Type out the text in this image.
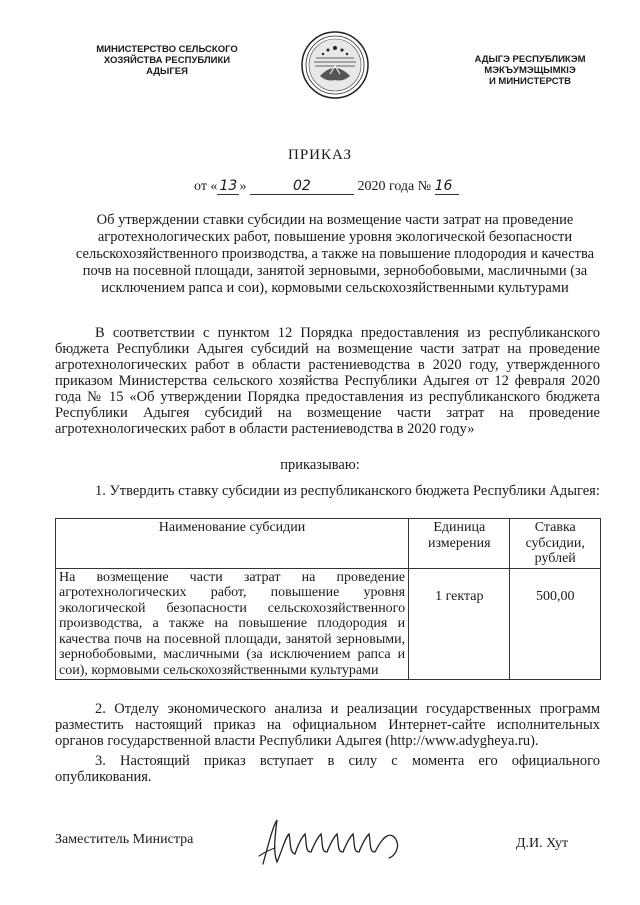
МИНИСТЕРСТВО СЕЛЬСКОГО
ХОЗЯЙСТВА РЕСПУБЛИКИ
АДЫГЕЯ
АДЫГЭ РЕСПУБЛИКЭМ
МЭКЪУМЭЩЫМКIЭ
И МИНИСТЕРСТВ
ПРИКАЗ
от « 13 »	02	2020 года № 16
Об утверждении ставки субсидии на возмещение части затрат на проведение агротехнологических работ, повышение уровня экологической безопасности сельскохозяйственного производства, а также на повышение плодородия и качества почв на посевной площади, занятой зерновыми, зернобобовыми, масличными (за исключением рапса и сои), кормовыми сельскохозяйственными культурами
В соответствии с пунктом 12 Порядка предоставления из республиканского бюджета Республики Адыгея субсидий на возмещение части затрат на проведение агротехнологических работ в области растениеводства в 2020 году, утвержденного приказом Министерства сельского хозяйства Республики Адыгея от 12 февраля 2020 года № 15 «Об утверждении Порядка предоставления из республиканского бюджета Республики Адыгея субсидий на возмещение части затрат на проведение агротехнологических работ в области растениеводства в 2020 году»
приказываю:
1. Утвердить ставку субсидии из республиканского бюджета Республики Адыгея:
Наименование субсидии	Единица измерения	Ставка субсидии, рублей
На возмещение части затрат на проведение агротехнологических работ, повышение уровня экологической безопасности сельскохозяйственного производства, а также на повышение плодородия и качества почв на посевной площади, занятой зерновыми, зернобобовыми, масличными (за исключением рапса и сои), кормовыми сельскохозяйственными культурами	1 гектар	500,00
2. Отделу экономического анализа и реализации государственных программ разместить настоящий приказ на официальном Интернет-сайте исполнительных органов государственной власти Республики Адыгея (http://www.adygheya.ru).
3. Настоящий приказ вступает в силу с момента его официального опубликования.
Заместитель Министра	Д.И. Хут
